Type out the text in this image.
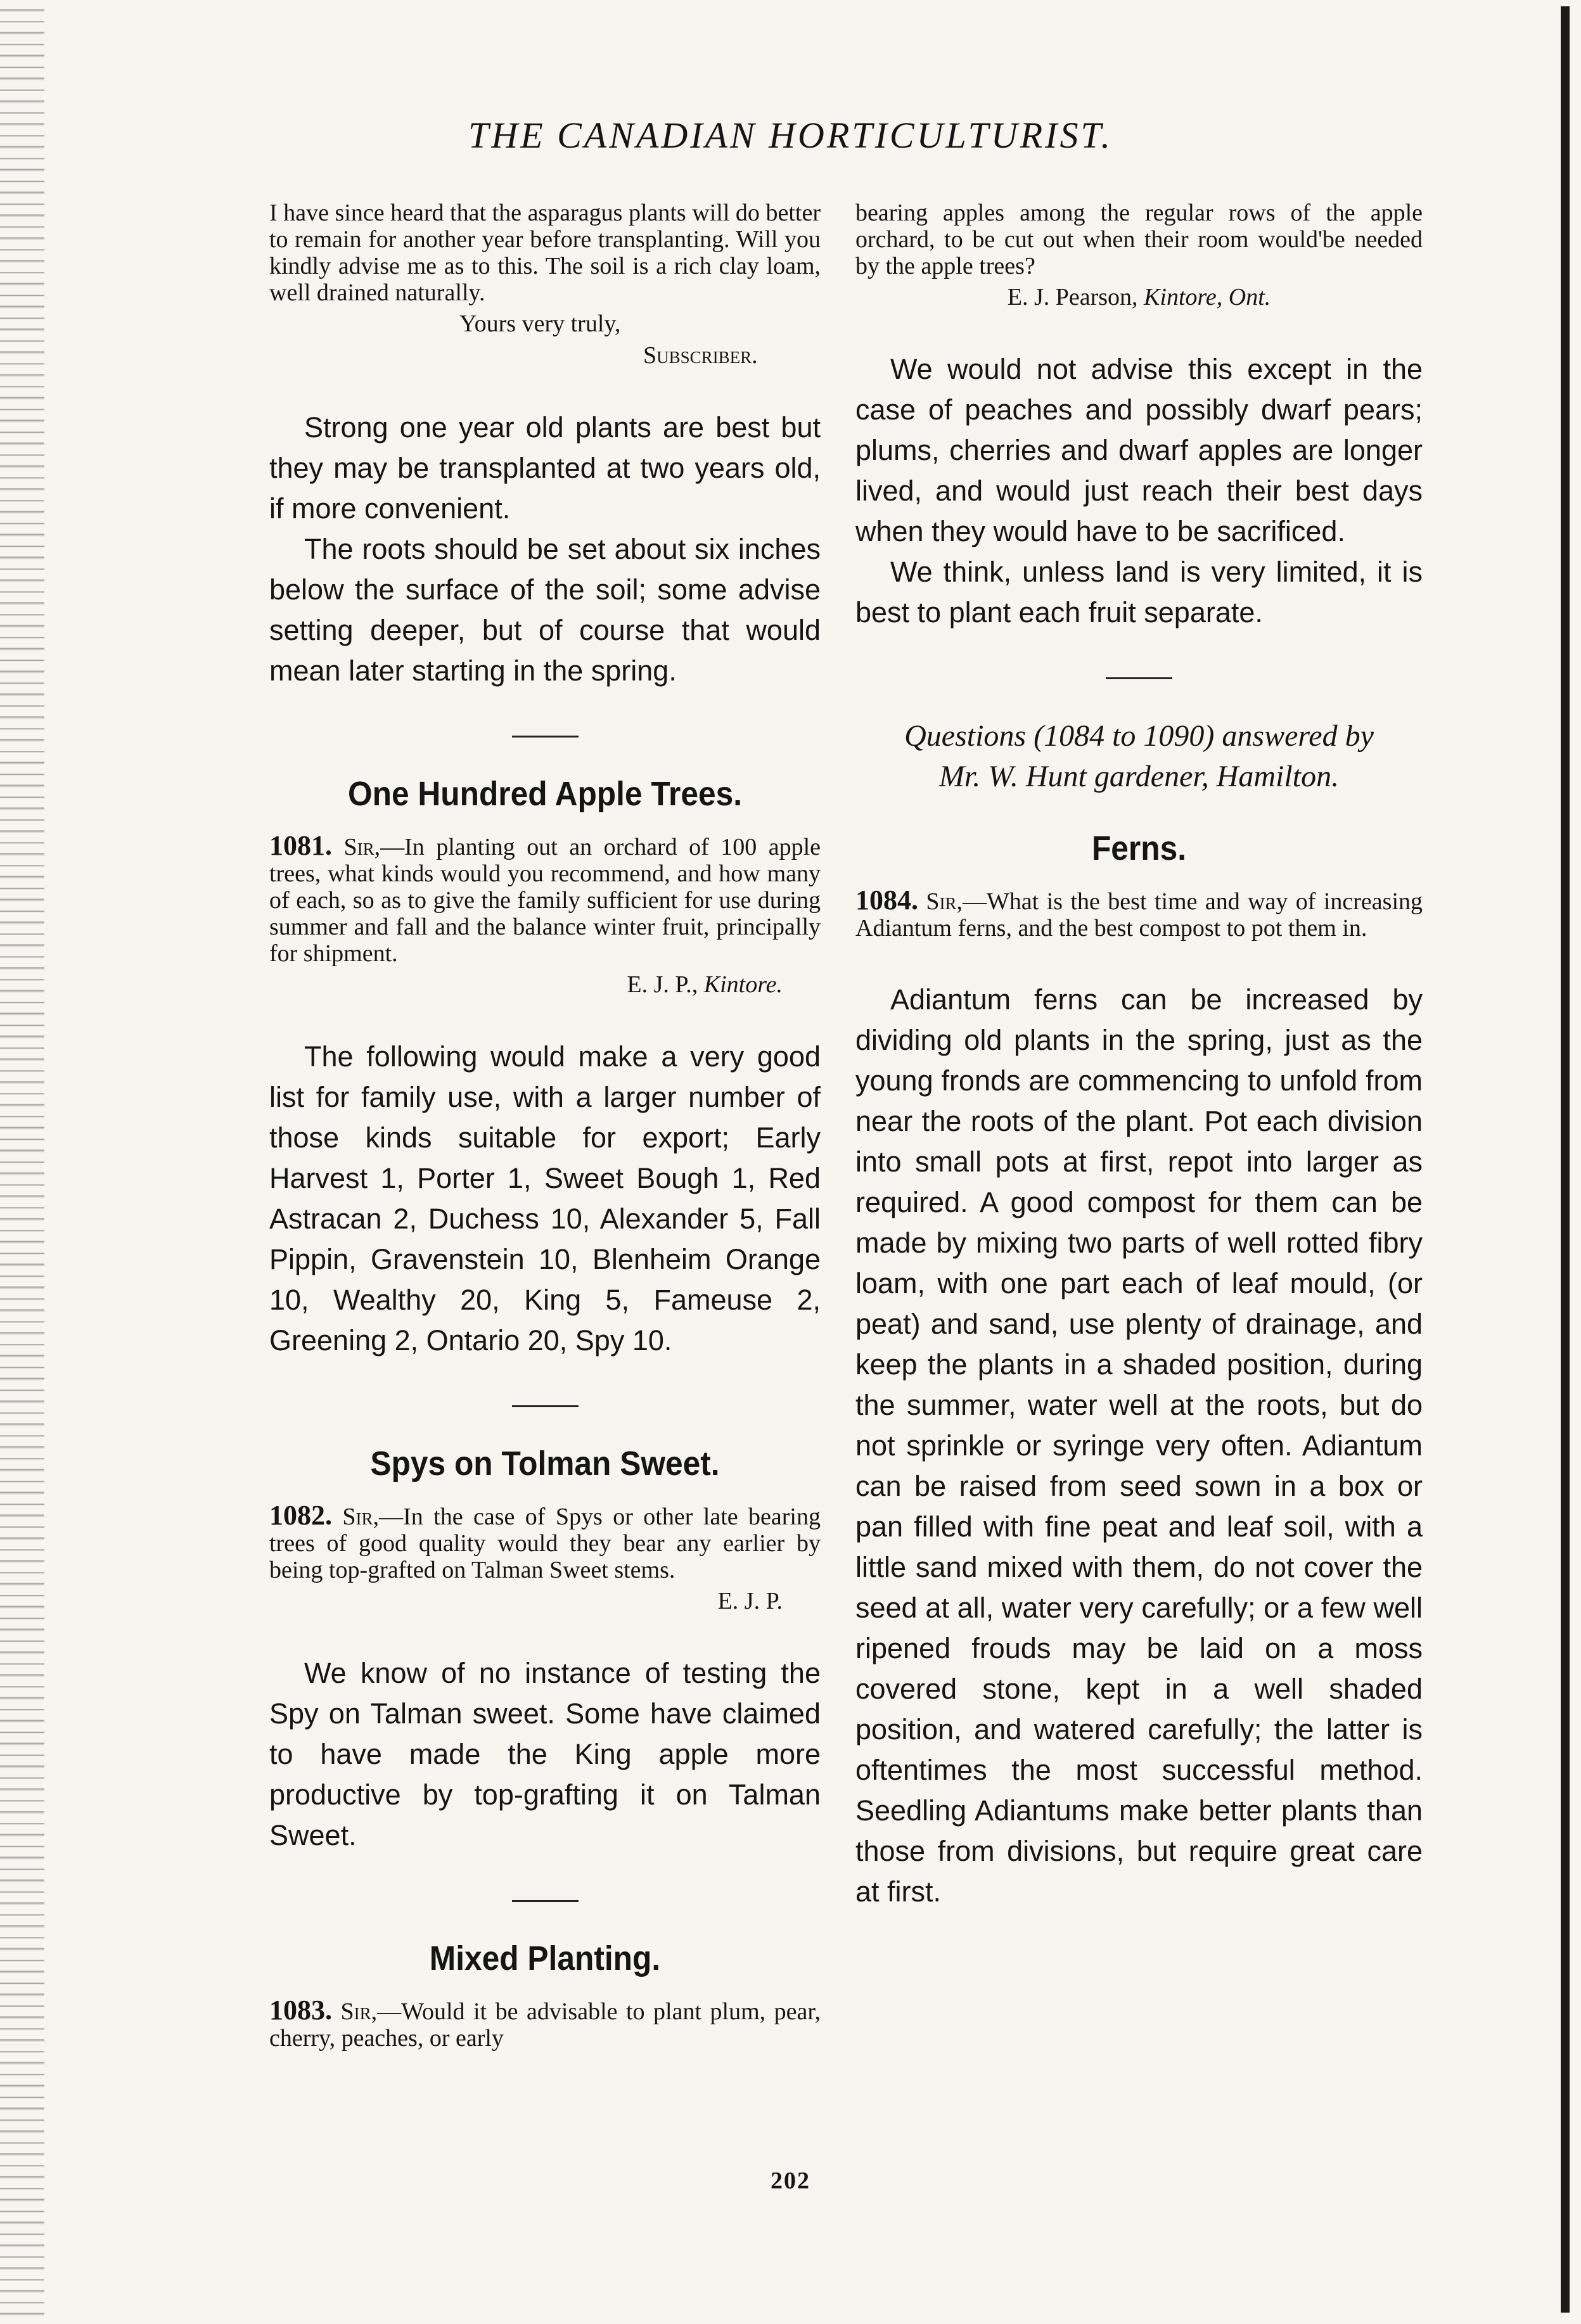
THE CANADIAN HORTICULTURIST.

I have since heard that the asparagus plants will do better to remain for another year before transplanting. Will you kindly advise me as to this. The soil is a rich clay loam, well drained naturally.

Yours very truly,

Subscriber.

Strong one year old plants are best but they may be transplanted at two years old, if more convenient.

The roots should be set about six inches below the surface of the soil; some advise setting deeper, but of course that would mean later starting in the spring.

One Hundred Apple Trees.

1081. Sir,—In planting out an orchard of 100 apple trees, what kinds would you recommend, and how many of each, so as to give the family sufficient for use during summer and fall and the balance winter fruit, principally for shipment.

E. J. P., Kintore.

The following would make a very good list for family use, with a larger number of those kinds suitable for export; Early Harvest 1, Porter 1, Sweet Bough 1, Red Astracan 2, Duchess 10, Alexander 5, Fall Pippin, Gravenstein 10, Blenheim Orange 10, Wealthy 20, King 5, Fameuse 2, Greening 2, Ontario 20, Spy 10.

Spys on Tolman Sweet.

1082. Sir,—In the case of Spys or other late bearing trees of good quality would they bear any earlier by being top-grafted on Talman Sweet stems.

E. J. P.

We know of no instance of testing the Spy on Talman sweet. Some have claimed to have made the King apple more productive by top-grafting it on Talman Sweet.

Mixed Planting.

1083. Sir,—Would it be advisable to plant plum, pear, cherry, peaches, or early

bearing apples among the regular rows of the apple orchard, to be cut out when their room would'be needed by the apple trees?

E. J. Pearson, Kintore, Ont.

We would not advise this except in the case of peaches and possibly dwarf pears; plums, cherries and dwarf apples are longer lived, and would just reach their best days when they would have to be sacrificed.

We think, unless land is very limited, it is best to plant each fruit separate.

Questions (1084 to 1090) answered by
Mr. W. Hunt gardener, Hamilton.

Ferns.

1084. Sir,—What is the best time and way of increasing Adiantum ferns, and the best compost to pot them in.

Adiantum ferns can be increased by dividing old plants in the spring, just as the young fronds are commencing to unfold from near the roots of the plant. Pot each division into small pots at first, repot into larger as required. A good compost for them can be made by mixing two parts of well rotted fibry loam, with one part each of leaf mould, (or peat) and sand, use plenty of drainage, and keep the plants in a shaded position, during the summer, water well at the roots, but do not sprinkle or syringe very often. Adiantum can be raised from seed sown in a box or pan filled with fine peat and leaf soil, with a little sand mixed with them, do not cover the seed at all, water very carefully; or a few well ripened frouds may be laid on a moss covered stone, kept in a well shaded position, and watered carefully; the latter is oftentimes the most successful method. Seedling Adiantums make better plants than those from divisions, but require great care at first.

202
